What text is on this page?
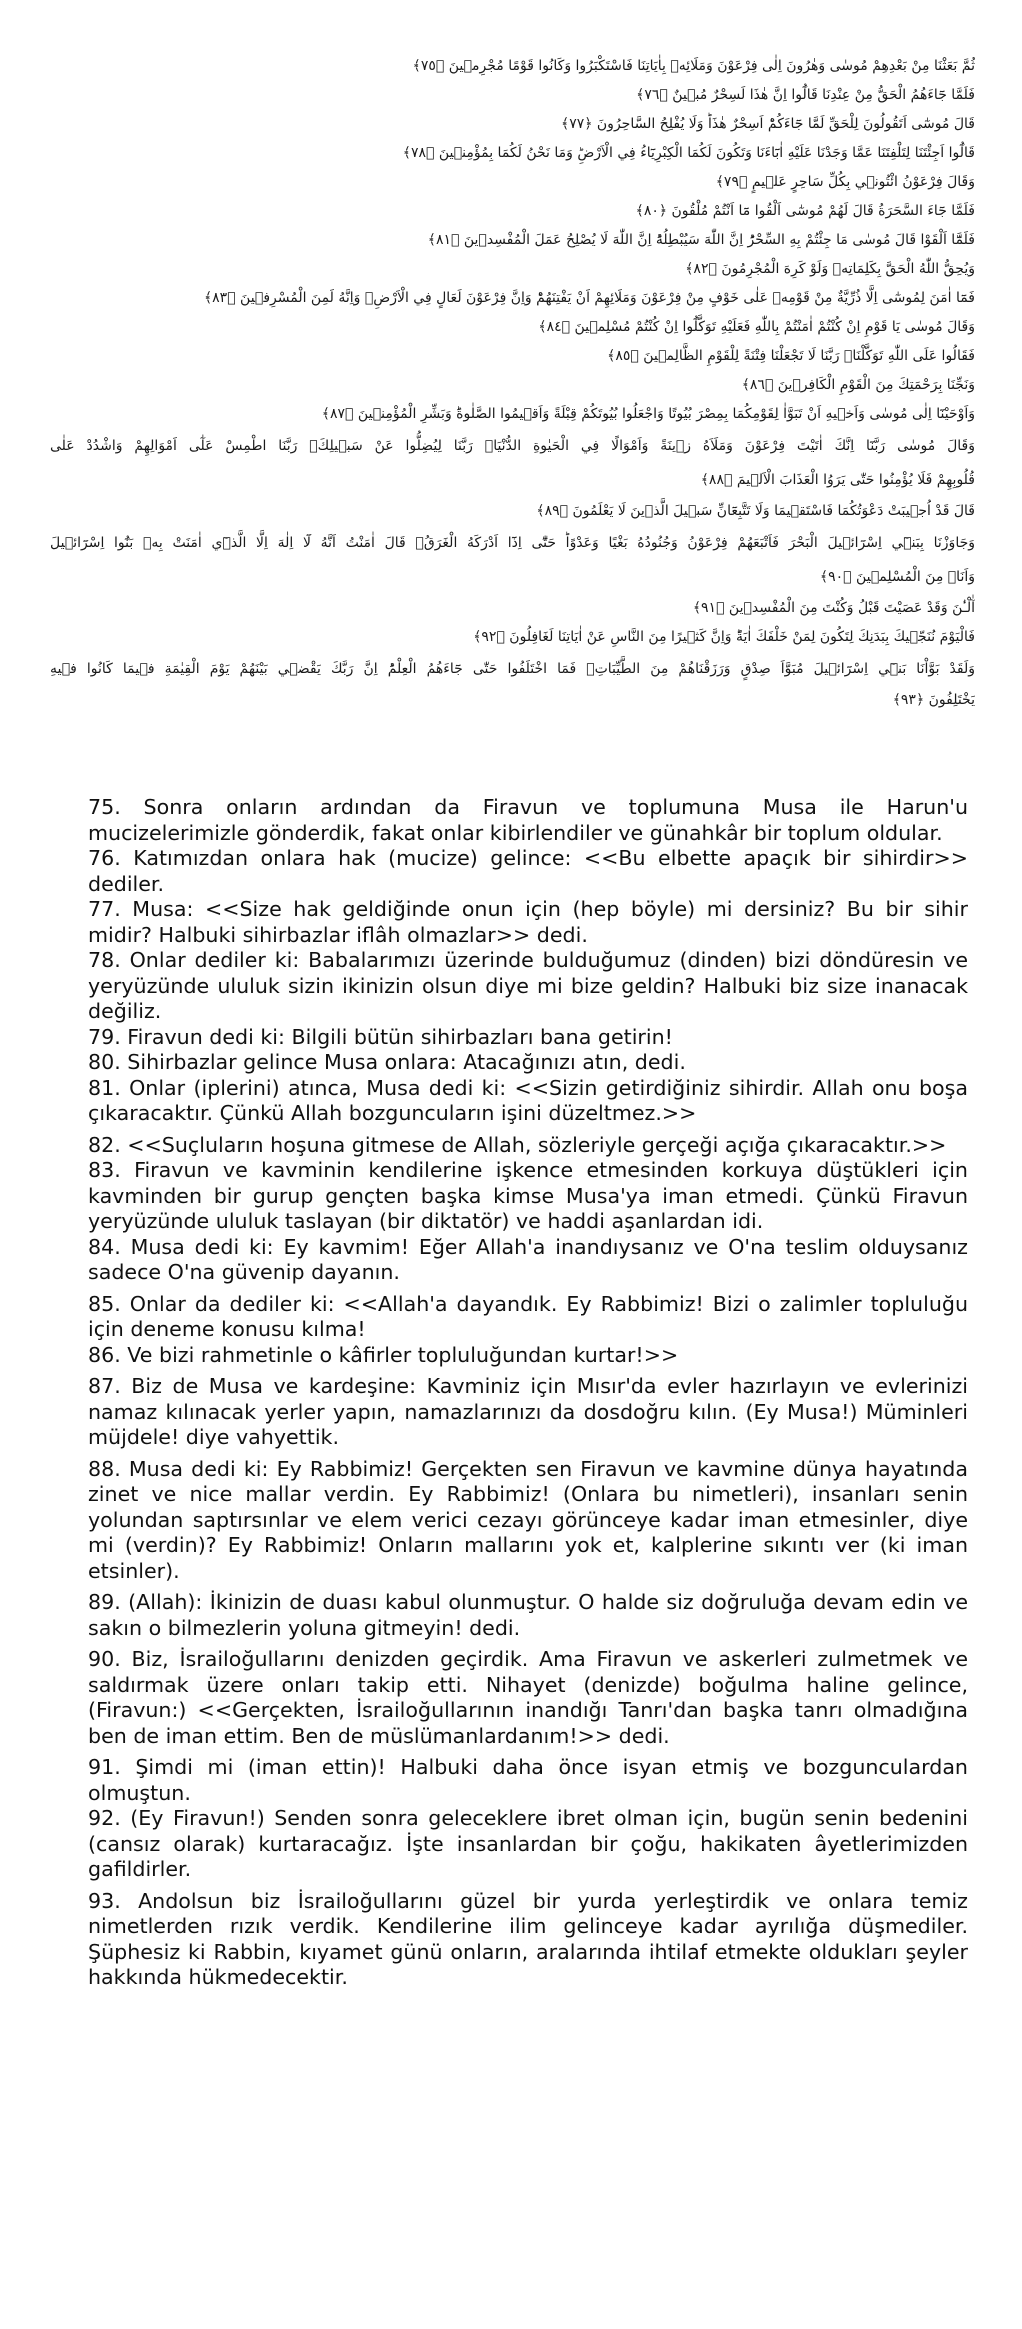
ثُمَّ بَعَثْنَا مِنْ بَعْدِهِمْ مُوسٰى وَهٰرُونَ اِلٰى فِرْعَوْنَ وَمَلَائِه۪ بِاٰيَاتِنَا فَاسْتَكْبَرُوا وَكَانُوا قَوْمًا مُجْرِم۪ينَ ﴿٧٥﴾
فَلَمَّا جَٓاءَهُمُ الْحَقُّ مِنْ عِنْدِنَا قَالُٓوا اِنَّ هٰذَا لَسِحْرٌ مُب۪ينٌ ﴿٧٦﴾
قَالَ مُوسٰٓى اَتَقُولُونَ لِلْحَقِّ لَمَّا جَٓاءَكُمْؕ اَسِحْرٌ هٰذَاؕ وَلَا يُفْلِحُ السَّاحِرُونَ ﴿٧٧﴾
قَالُٓوا اَجِئْتَنَا لِتَلْفِتَنَا عَمَّا وَجَدْنَا عَلَيْهِ اٰبَٓاءَنَا وَتَكُونَ لَكُمَا الْكِبْرِيَٓاءُ فِي الْاَرْضِؕ وَمَا نَحْنُ لَكُمَا بِمُؤْمِن۪ينَ ﴿٧٨﴾
وَقَالَ فِرْعَوْنُ ائْتُون۪ي بِكُلِّ سَاحِرٍ عَل۪يمٍ ﴿٧٩﴾
فَلَمَّا جَٓاءَ السَّحَرَةُ قَالَ لَهُمْ مُوسٰٓى اَلْقُوا مَٓا اَنْتُمْ مُلْقُونَ ﴿٨٠﴾
فَلَمَّٓا اَلْقَوْا قَالَ مُوسٰى مَا جِئْتُمْ بِهِ السِّحْرُؕ اِنَّ اللّٰهَ سَيُبْطِلُهُؕ اِنَّ اللّٰهَ لَا يُصْلِحُ عَمَلَ الْمُفْسِد۪ينَ ﴿٨١﴾
وَيُحِقُّ اللّٰهُ الْحَقَّ بِكَلِمَاتِه۪ وَلَوْ كَرِهَ الْمُجْرِمُونَ ﴿٨٢﴾
فَمَٓا اٰمَنَ لِمُوسٰٓى اِلَّا ذُرِّيَّةٌ مِنْ قَوْمِه۪ عَلٰى خَوْفٍ مِنْ فِرْعَوْنَ وَمَلَائِهِمْ اَنْ يَفْتِنَهُمْؕ وَاِنَّ فِرْعَوْنَ لَعَالٍ فِي الْاَرْضِۚ وَاِنَّهُ لَمِنَ الْمُسْرِف۪ينَ ﴿٨٣﴾
وَقَالَ مُوسٰى يَا قَوْمِ اِنْ كُنْتُمْ اٰمَنْتُمْ بِاللّٰهِ فَعَلَيْهِ تَوَكَّلُٓوا اِنْ كُنْتُمْ مُسْلِم۪ينَ ﴿٨٤﴾
فَقَالُوا عَلَى اللّٰهِ تَوَكَّلْنَاۚ رَبَّنَا لَا تَجْعَلْنَا فِتْنَةً لِلْقَوْمِ الظَّالِم۪ينَ ﴿٨٥﴾
وَنَجِّنَا بِرَحْمَتِكَ مِنَ الْقَوْمِ الْكَافِر۪ينَ ﴿٨٦﴾
وَاَوْحَيْنَٓا اِلٰى مُوسٰى وَاَخ۪يهِ اَنْ تَبَوَّاٰ لِقَوْمِكُمَا بِمِصْرَ بُيُوتًا وَاجْعَلُوا بُيُوتَكُمْ قِبْلَةً وَاَق۪يمُوا الصَّلٰوةَؕ وَبَشِّرِ الْمُؤْمِن۪ينَ ﴿٨٧﴾
وَقَالَ مُوسٰى رَبَّنَٓا اِنَّكَ اٰتَيْتَ فِرْعَوْنَ وَمَلَاَهُ ز۪ينَةً وَاَمْوَالًا فِي الْحَيٰوةِ الدُّنْيَاۙ رَبَّنَا لِيُضِلُّوا عَنْ سَب۪يلِكَۚ رَبَّنَا اطْمِسْ عَلٰٓى اَمْوَالِهِمْ وَاشْدُدْ عَلٰى
قُلُوبِهِمْ فَلَا يُؤْمِنُوا حَتّٰى يَرَوُا الْعَذَابَ الْاَل۪يمَ ﴿٨٨﴾
قَالَ قَدْ اُج۪يبَتْ دَعْوَتُكُمَا فَاسْتَق۪يمَا وَلَا تَتَّبِعَٓانِّ سَب۪يلَ الَّذ۪ينَ لَا يَعْلَمُونَ ﴿٨٩﴾
وَجَاوَزْنَا بِبَن۪ٓي اِسْرَٓائ۪يلَ الْبَحْرَ فَاَتْبَعَهُمْ فِرْعَوْنُ وَجُنُودُهُ بَغْيًا وَعَدْوًاؕ حَتّٰٓى اِذَٓا اَدْرَكَهُ الْغَرَقُۙ قَالَ اٰمَنْتُ اَنَّهُ لَٓا اِلٰهَ اِلَّا الَّذ۪ٓي اٰمَنَتْ بِه۪ بَنُٓوا اِسْرَٓائ۪يلَ
وَاَنَا۬ مِنَ الْمُسْلِم۪ينَ ﴿٩٠﴾
آٰلْـٰٔنَ وَقَدْ عَصَيْتَ قَبْلُ وَكُنْتَ مِنَ الْمُفْسِد۪ينَ ﴿٩١﴾
فَالْيَوْمَ نُنَجّ۪يكَ بِبَدَنِكَ لِتَكُونَ لِمَنْ خَلْفَكَ اٰيَةًؕ وَاِنَّ كَث۪يرًا مِنَ النَّاسِ عَنْ اٰيَاتِنَا لَغَافِلُونَ ﴿٩٢﴾
وَلَقَدْ بَوَّاْنَا بَن۪ٓي اِسْرَٓائ۪يلَ مُبَوَّاَ صِدْقٍ وَرَزَقْنَاهُمْ مِنَ الطَّيِّبَاتِۚ فَمَا اخْتَلَفُوا حَتّٰى جَٓاءَهُمُ الْعِلْمُؕ اِنَّ رَبَّكَ يَقْض۪ي بَيْنَهُمْ يَوْمَ الْقِيٰمَةِ ف۪يمَا كَانُوا ف۪يهِ
يَخْتَلِفُونَ ﴿٩٣﴾
75. Sonra onların ardından da Firavun ve toplumuna Musa ile Harun'u mucizelerimizle gönderdik, fakat onlar kibirlendiler ve günahkâr bir toplum oldular.
76. Katımızdan onlara hak (mucize) gelince: <<Bu elbette apaçık bir sihirdir>> dediler.
77. Musa: <<Size hak geldiğinde onun için (hep böyle) mi dersiniz? Bu bir sihir midir? Halbuki sihirbazlar iflâh olmazlar>> dedi.
78. Onlar dediler ki: Babalarımızı üzerinde bulduğumuz (dinden) bizi döndüresin ve yeryüzünde ululuk sizin ikinizin olsun diye mi bize geldin? Halbuki biz size inanacak değiliz.
79. Firavun dedi ki: Bilgili bütün sihirbazları bana getirin!
80. Sihirbazlar gelince Musa onlara: Atacağınızı atın, dedi.
81. Onlar (iplerini) atınca, Musa dedi ki: <<Sizin getirdiğiniz sihirdir. Allah onu boşa çıkaracaktır. Çünkü Allah bozguncuların işini düzeltmez.>>
82. <<Suçluların hoşuna gitmese de Allah, sözleriyle gerçeği açığa çıkaracaktır.>>
83. Firavun ve kavminin kendilerine işkence etmesinden korkuya düştükleri için kavminden bir gurup gençten başka kimse Musa'ya iman etmedi. Çünkü Firavun yeryüzünde ululuk taslayan (bir diktatör) ve haddi aşanlardan idi.
84. Musa dedi ki: Ey kavmim! Eğer Allah'a inandıysanız ve O'na teslim olduysanız sadece O'na güvenip dayanın.
85. Onlar da dediler ki: <<Allah'a dayandık. Ey Rabbimiz! Bizi o zalimler topluluğu için deneme konusu kılma!
86. Ve bizi rahmetinle o kâfirler topluluğundan kurtar!>>
87. Biz de Musa ve kardeşine: Kavminiz için Mısır'da evler hazırlayın ve evlerinizi namaz kılınacak yerler yapın, namazlarınızı da dosdoğru kılın. (Ey Musa!) Müminleri müjdele! diye vahyettik.
88. Musa dedi ki: Ey Rabbimiz! Gerçekten sen Firavun ve kavmine dünya hayatında zinet ve nice mallar verdin. Ey Rabbimiz! (Onlara bu nimetleri), insanları senin yolundan saptırsınlar ve elem verici cezayı görünceye kadar iman etmesinler, diye mi (verdin)? Ey Rabbimiz! Onların mallarını yok et, kalplerine sıkıntı ver (ki iman etsinler).
89. (Allah): İkinizin de duası kabul olunmuştur. O halde siz doğruluğa devam edin ve sakın o bilmezlerin yoluna gitmeyin! dedi.
90. Biz, İsrailoğullarını denizden geçirdik. Ama Firavun ve askerleri zulmetmek ve saldırmak üzere onları takip etti. Nihayet (denizde) boğulma haline gelince, (Firavun:) <<Gerçekten, İsrailoğullarının inandığı Tanrı'dan başka tanrı olmadığına ben de iman ettim. Ben de müslümanlardanım!>> dedi.
91. Şimdi mi (iman ettin)! Halbuki daha önce isyan etmiş ve bozgunculardan olmuştun.
92. (Ey Firavun!) Senden sonra geleceklere ibret olman için, bugün senin bedenini (cansız olarak) kurtaracağız. İşte insanlardan bir çoğu, hakikaten âyetlerimizden gafildirler.
93. Andolsun biz İsrailoğullarını güzel bir yurda yerleştirdik ve onlara temiz nimetlerden rızık verdik. Kendilerine ilim gelinceye kadar ayrılığa düşmediler. Şüphesiz ki Rabbin, kıyamet günü onların, aralarında ihtilaf etmekte oldukları şeyler hakkında hükmedecektir.
